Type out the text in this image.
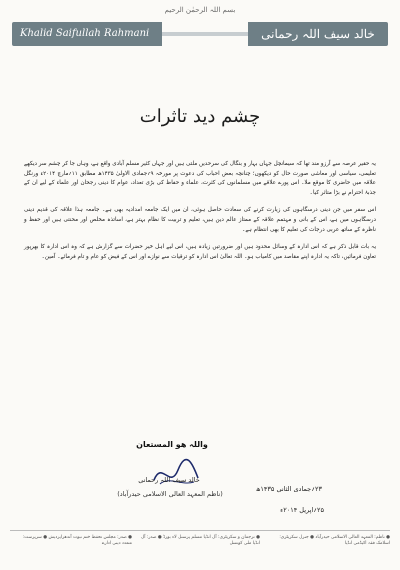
بسم اللہ الرحمٰن الرحیم
Khalid Saifullah Rahmani	خالد سیف اللہ رحمانی
چشم دید تاثرات

یہ حقیر عرصہ سے آرزو مند تھا کہ سیمانچل جہاں بہار و بنگال کی سرحدیں ملتی ہیں اور جہاں کثیر مسلم آبادی واقع ہے، وہاں جا کر چشم سر دیکھے تعلیمی، سیاسی اور معاشی صورت حال کو دیکھوں؛ چنانچہ بعض احباب کی دعوت پر مورخہ ۹؍جمادی الاولیٰ ۱۴۳۵ھ مطابق ۱۱؍مارچ ۲۰۱۴ء ورنگل علاقہ میں حاضری کا موقع ملا۔ اس پورے علاقے میں مسلمانوں کی کثرت، علماء و حفاظ کی بڑی تعداد، عوام کا دینی رجحان اور علماء کے لیے ان کے جذبۂ احترام نے بڑا متاثر کیا۔

اس سفر میں جن دینی درسگاہوں کی زیارت کرنے کی سعادت حاصل ہوئی، ان میں ایک جامعہ امدادیہ بھی ہے۔ جامعہ ہذا علاقہ کی قدیم دینی درسگاہوں میں ہے، اس کے بانی و مہتمم علاقہ کے ممتاز عالم دین ہیں، تعلیم و تربیت کا نظام بہتر ہے، اساتذہ مخلص اور محنتی ہیں اور حفظ و ناظرہ کے ساتھ عربی درجات کی تعلیم کا بھی انتظام ہے۔

یہ بات قابل ذکر ہے کہ اس ادارہ کے وسائل محدود ہیں اور ضرورتیں زیادہ ہیں، اس لیے اہل خیر حضرات سے گزارش ہے کہ وہ اس ادارہ کا بھرپور تعاون فرمائیں، تاکہ یہ ادارہ اپنے مقاصد میں کامیاب ہو۔ اللہ تعالیٰ اس ادارہ کو ترقیات سے نوازے اور اس کے فیض کو عام و تام فرمائے۔ آمین۔

واللہ ھو المستعان
خالد سیف اللہ رحمانی
(ناظم المعہد العالی الاسلامی حیدرآباد)
۲۳؍جمادی الثانی ۱۴۳۵ھ
۲۵؍اپریل ۲۰۱۴ء
● ناظم: المعہد العالی الاسلامی حیدرآباد ● جنرل سکریٹری: اسلامک فقہ اکیڈمی انڈیا
● ترجمان و سکریٹری: آل انڈیا مسلم پرسنل لاء بورڈ ● صدر: آل انڈیا ملی کونسل
● صدر: مجلس تحفظ ختم نبوت آندھراپردیش ● سرپرست: متعدد دینی ادارے
